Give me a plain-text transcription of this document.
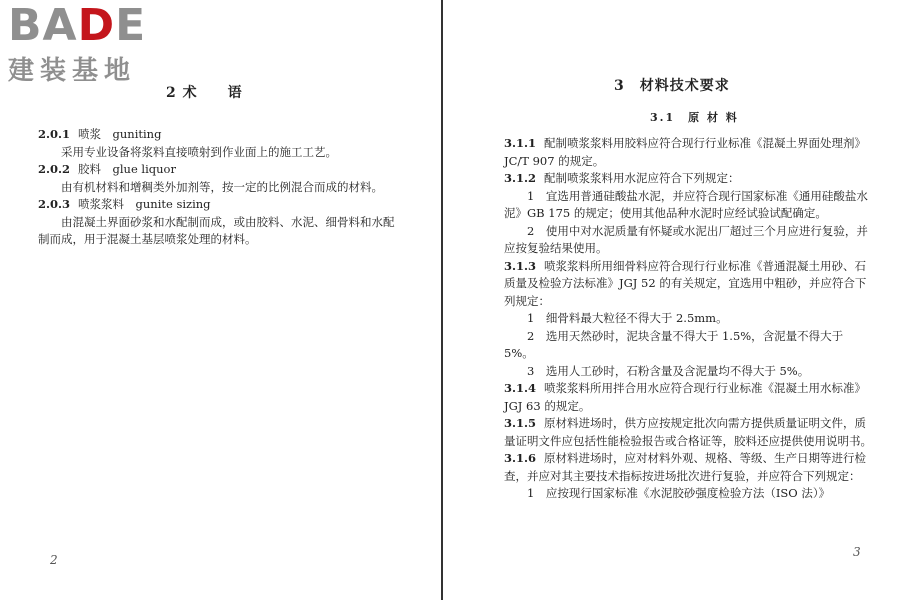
BADE
建装基地
2 术　　语

2.0.1 喷浆　guniting

采用专业设备将浆料直接喷射到作业面上的施工工艺。

2.0.2 胶料　glue liquor

由有机材料和增稠类外加剂等，按一定的比例混合而成的材料。

2.0.3 喷浆浆料　gunite sizing

由混凝土界面砂浆和水配制而成，或由胶料、水泥、细骨料和水配制而成，用于混凝土基层喷浆处理的材料。

2
3　材料技术要求
3.1　原 材 料

3.1.1 配制喷浆浆料用胶料应符合现行行业标准《混凝土界面处理剂》JC/T 907 的规定。

3.1.2 配制喷浆浆料用水泥应符合下列规定：

1　宜选用普通硅酸盐水泥，并应符合现行国家标准《通用硅酸盐水泥》GB 175 的规定；使用其他品种水泥时应经试验试配确定。

2　使用中对水泥质量有怀疑或水泥出厂超过三个月应进行复验，并应按复验结果使用。

3.1.3 喷浆浆料所用细骨料应符合现行行业标准《普通混凝土用砂、石质量及检验方法标准》JGJ 52 的有关规定，宜选用中粗砂，并应符合下列规定：

1　细骨料最大粒径不得大于 2.5mm。

2　选用天然砂时，泥块含量不得大于 1.5%，含泥量不得大于 5%。

3　选用人工砂时，石粉含量及含泥量均不得大于 5%。

3.1.4 喷浆浆料所用拌合用水应符合现行行业标准《混凝土用水标准》JGJ 63 的规定。

3.1.5 原材料进场时，供方应按规定批次向需方提供质量证明文件，质量证明文件应包括性能检验报告或合格证等，胶料还应提供使用说明书。

3.1.6 原材料进场时，应对材料外观、规格、等级、生产日期等进行检查，并应对其主要技术指标按进场批次进行复验，并应符合下列规定：

1　应按现行国家标准《水泥胶砂强度检验方法（ISO 法）》

3
